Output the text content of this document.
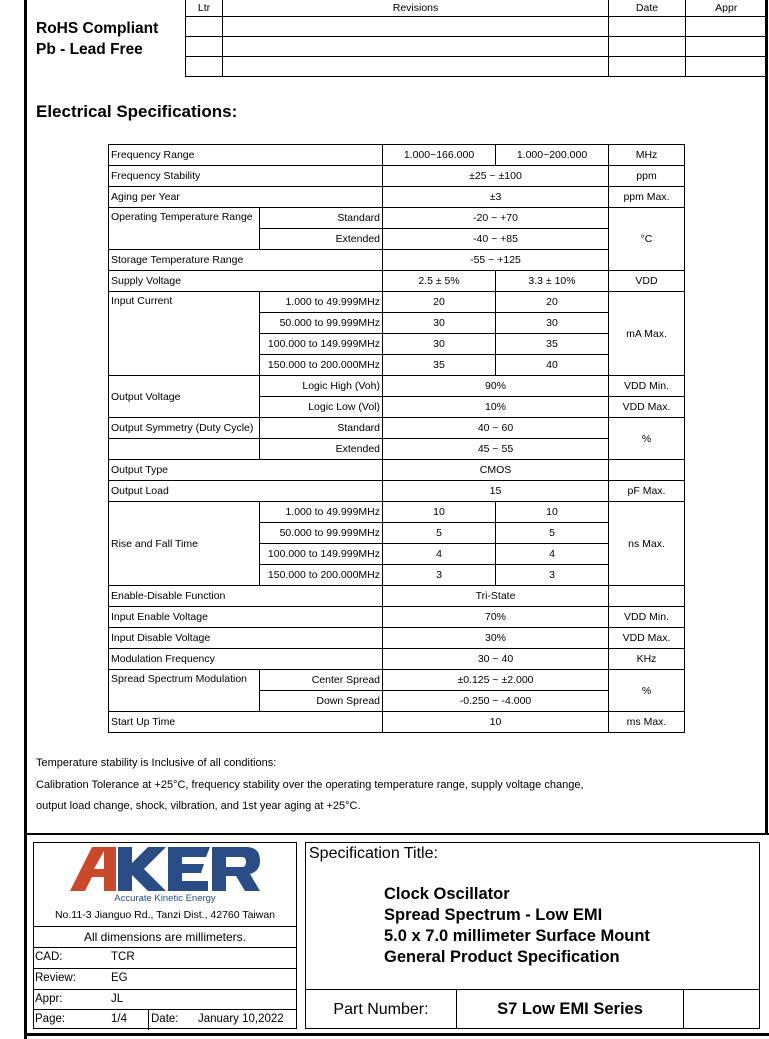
RoHS Compliant
Pb - Lead Free
Ltr	Revisions	Date	Appr

Electrical Specifications:
Frequency Range		1.000~166.000	1.000~200.000	MHz
Frequency Stability		±25 ~ ±100		ppm
Aging per Year		±3		ppm Max.
Operating Temperature Range	Standard	-20 ~ +70		°C
	Extended	-40 ~ +85		
Storage Temperature Range		-55 ~ +125		
Supply Voltage		2.5 ± 5%	3.3 ± 10%	VDD
Input Current	1.000 to 49.999MHz	20	20	mA Max.
	50.000 to 99.999MHz	30	30	
	100.000 to 149.999MHz	30	35	
	150.000 to 200.000MHz	35	40	
Output Voltage	Logic High (Voh)	90%		VDD Min.
	Logic Low (Vol)	10%		VDD Max.
Output Symmetry (Duty Cycle)	Standard	40 ~ 60		%
	Extended	45 ~ 55		
Output Type		CMOS		
Output Load		15		pF Max.
Rise and Fall Time	1.000 to 49.999MHz	10	10	ns Max.
	50.000 to 99.999MHz	5	5	
	100.000 to 149.999MHz	4	4	
	150.000 to 200.000MHz	3	3	
Enable-Disable Function		Tri-State		
Input Enable Voltage		70%		VDD Min.
Input Disable Voltage		30%		VDD Max.
Modulation Frequency		30 ~ 40		KHz
Spread Spectrum Modulation	Center Spread	±0.125 ~ ±2.000		%
	Down Spread	-0.250 ~ -4.000		
Start Up Time		10		ms Max.
Temperature stability is Inclusive of all conditions:
Calibration Tolerance at +25°C, frequency stability over the operating temperature range, supply voltage change,
output load change, shock, vilbration, and 1st year aging at +25°C.
Accurate Kinetic Energy
No.11-3 Jianguo Rd., Tanzi Dist., 42760 Taiwan
All dimensions are millimeters.
CAD:	TCR
Review:	EG
Appr:	JL
Page:	1/4 Date: January 10,2022
Specification Title:
Clock Oscillator
Spread Spectrum - Low EMI
5.0 x 7.0 millimeter Surface Mount
General Product Specification
Part Number:	S7 Low EMI Series
